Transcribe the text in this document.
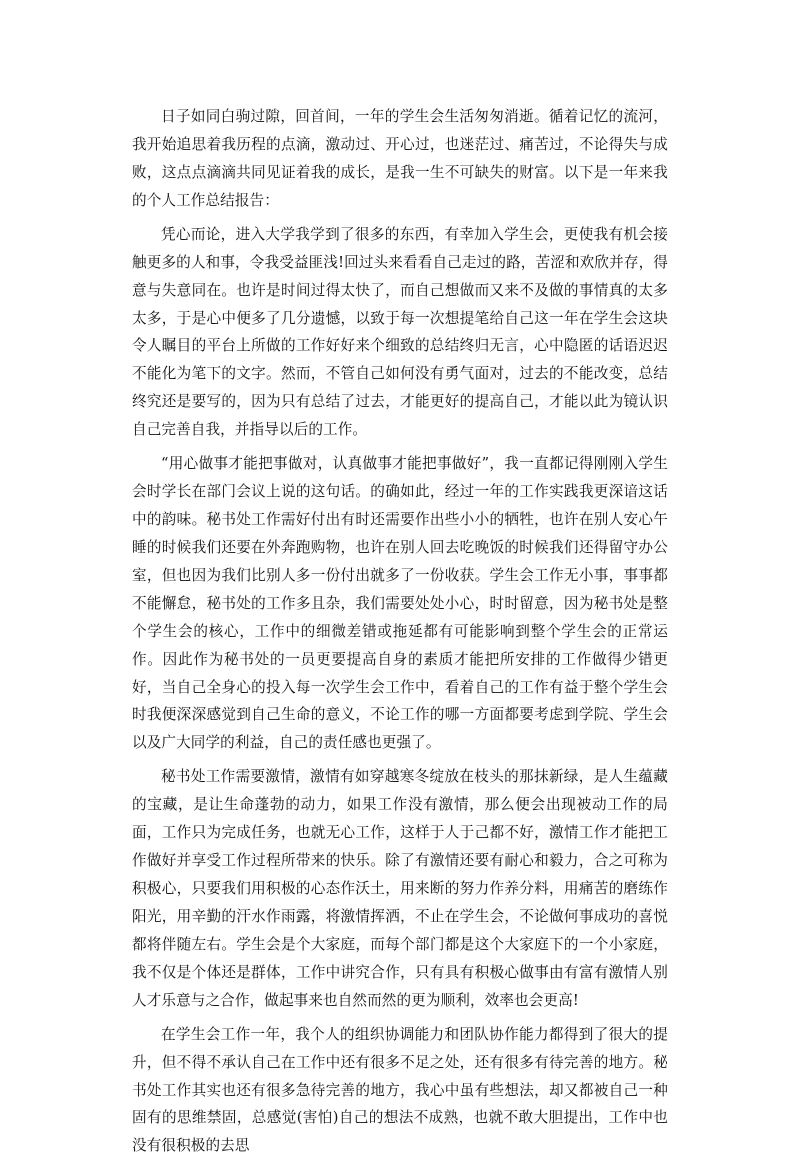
日子如同白驹过隙，回首间，一年的学生会生活匆匆消逝。循着记忆的流河，我开始追思着我历程的点滴，激动过、开心过，也迷茫过、痛苦过，不论得失与成败，这点点滴滴共同见证着我的成长，是我一生不可缺失的财富。以下是一年来我的个人工作总结报告：

凭心而论，进入大学我学到了很多的东西，有幸加入学生会，更使我有机会接触更多的人和事，令我受益匪浅!回过头来看看自己走过的路，苦涩和欢欣并存，得意与失意同在。也许是时间过得太快了，而自己想做而又来不及做的事情真的太多太多，于是心中便多了几分遗憾，以致于每一次想提笔给自己这一年在学生会这块令人瞩目的平台上所做的工作好好来个细致的总结终归无言，心中隐匿的话语迟迟不能化为笔下的文字。然而，不管自己如何没有勇气面对，过去的不能改变，总结终究还是要写的，因为只有总结了过去，才能更好的提高自己，才能以此为镜认识自己完善自我，并指导以后的工作。

“用心做事才能把事做对，认真做事才能把事做好”，我一直都记得刚刚入学生会时学长在部门会议上说的这句话。的确如此，经过一年的工作实践我更深谙这话中的韵味。秘书处工作需好付出有时还需要作出些小小的牺牲，也许在别人安心午睡的时候我们还要在外奔跑购物，也许在别人回去吃晚饭的时候我们还得留守办公室，但也因为我们比别人多一份付出就多了一份收获。学生会工作无小事，事事都不能懈怠，秘书处的工作多且杂，我们需要处处小心，时时留意，因为秘书处是整个学生会的核心，工作中的细微差错或拖延都有可能影响到整个学生会的正常运作。因此作为秘书处的一员更要提高自身的素质才能把所安排的工作做得少错更好，当自己全身心的投入每一次学生会工作中，看着自己的工作有益于整个学生会时我便深深感觉到自己生命的意义，不论工作的哪一方面都要考虑到学院、学生会以及广大同学的利益，自己的责任感也更强了。

秘书处工作需要激情，激情有如穿越寒冬绽放在枝头的那抹新绿，是人生蕴藏的宝藏，是让生命蓬勃的动力，如果工作没有激情，那么便会出现被动工作的局面，工作只为完成任务，也就无心工作，这样于人于己都不好，激情工作才能把工作做好并享受工作过程所带来的快乐。除了有激情还要有耐心和毅力，合之可称为积极心，只要我们用积极的心态作沃土，用来断的努力作养分料，用痛苦的磨练作阳光，用辛勤的汗水作雨露，将激情挥洒，不止在学生会，不论做何事成功的喜悦都将伴随左右。学生会是个大家庭，而每个部门都是这个大家庭下的一个小家庭，我不仅是个体还是群体，工作中讲究合作，只有具有积极心做事由有富有激情人别人才乐意与之合作，做起事来也自然而然的更为顺利，效率也会更高!

在学生会工作一年，我个人的组织协调能力和团队协作能力都得到了很大的提升，但不得不承认自己在工作中还有很多不足之处，还有很多有待完善的地方。秘书处工作其实也还有很多急待完善的地方，我心中虽有些想法，却又都被自己一种固有的思维禁固，总感觉(害怕)自己的想法不成熟，也就不敢大胆提出，工作中也没有很积极的去思
